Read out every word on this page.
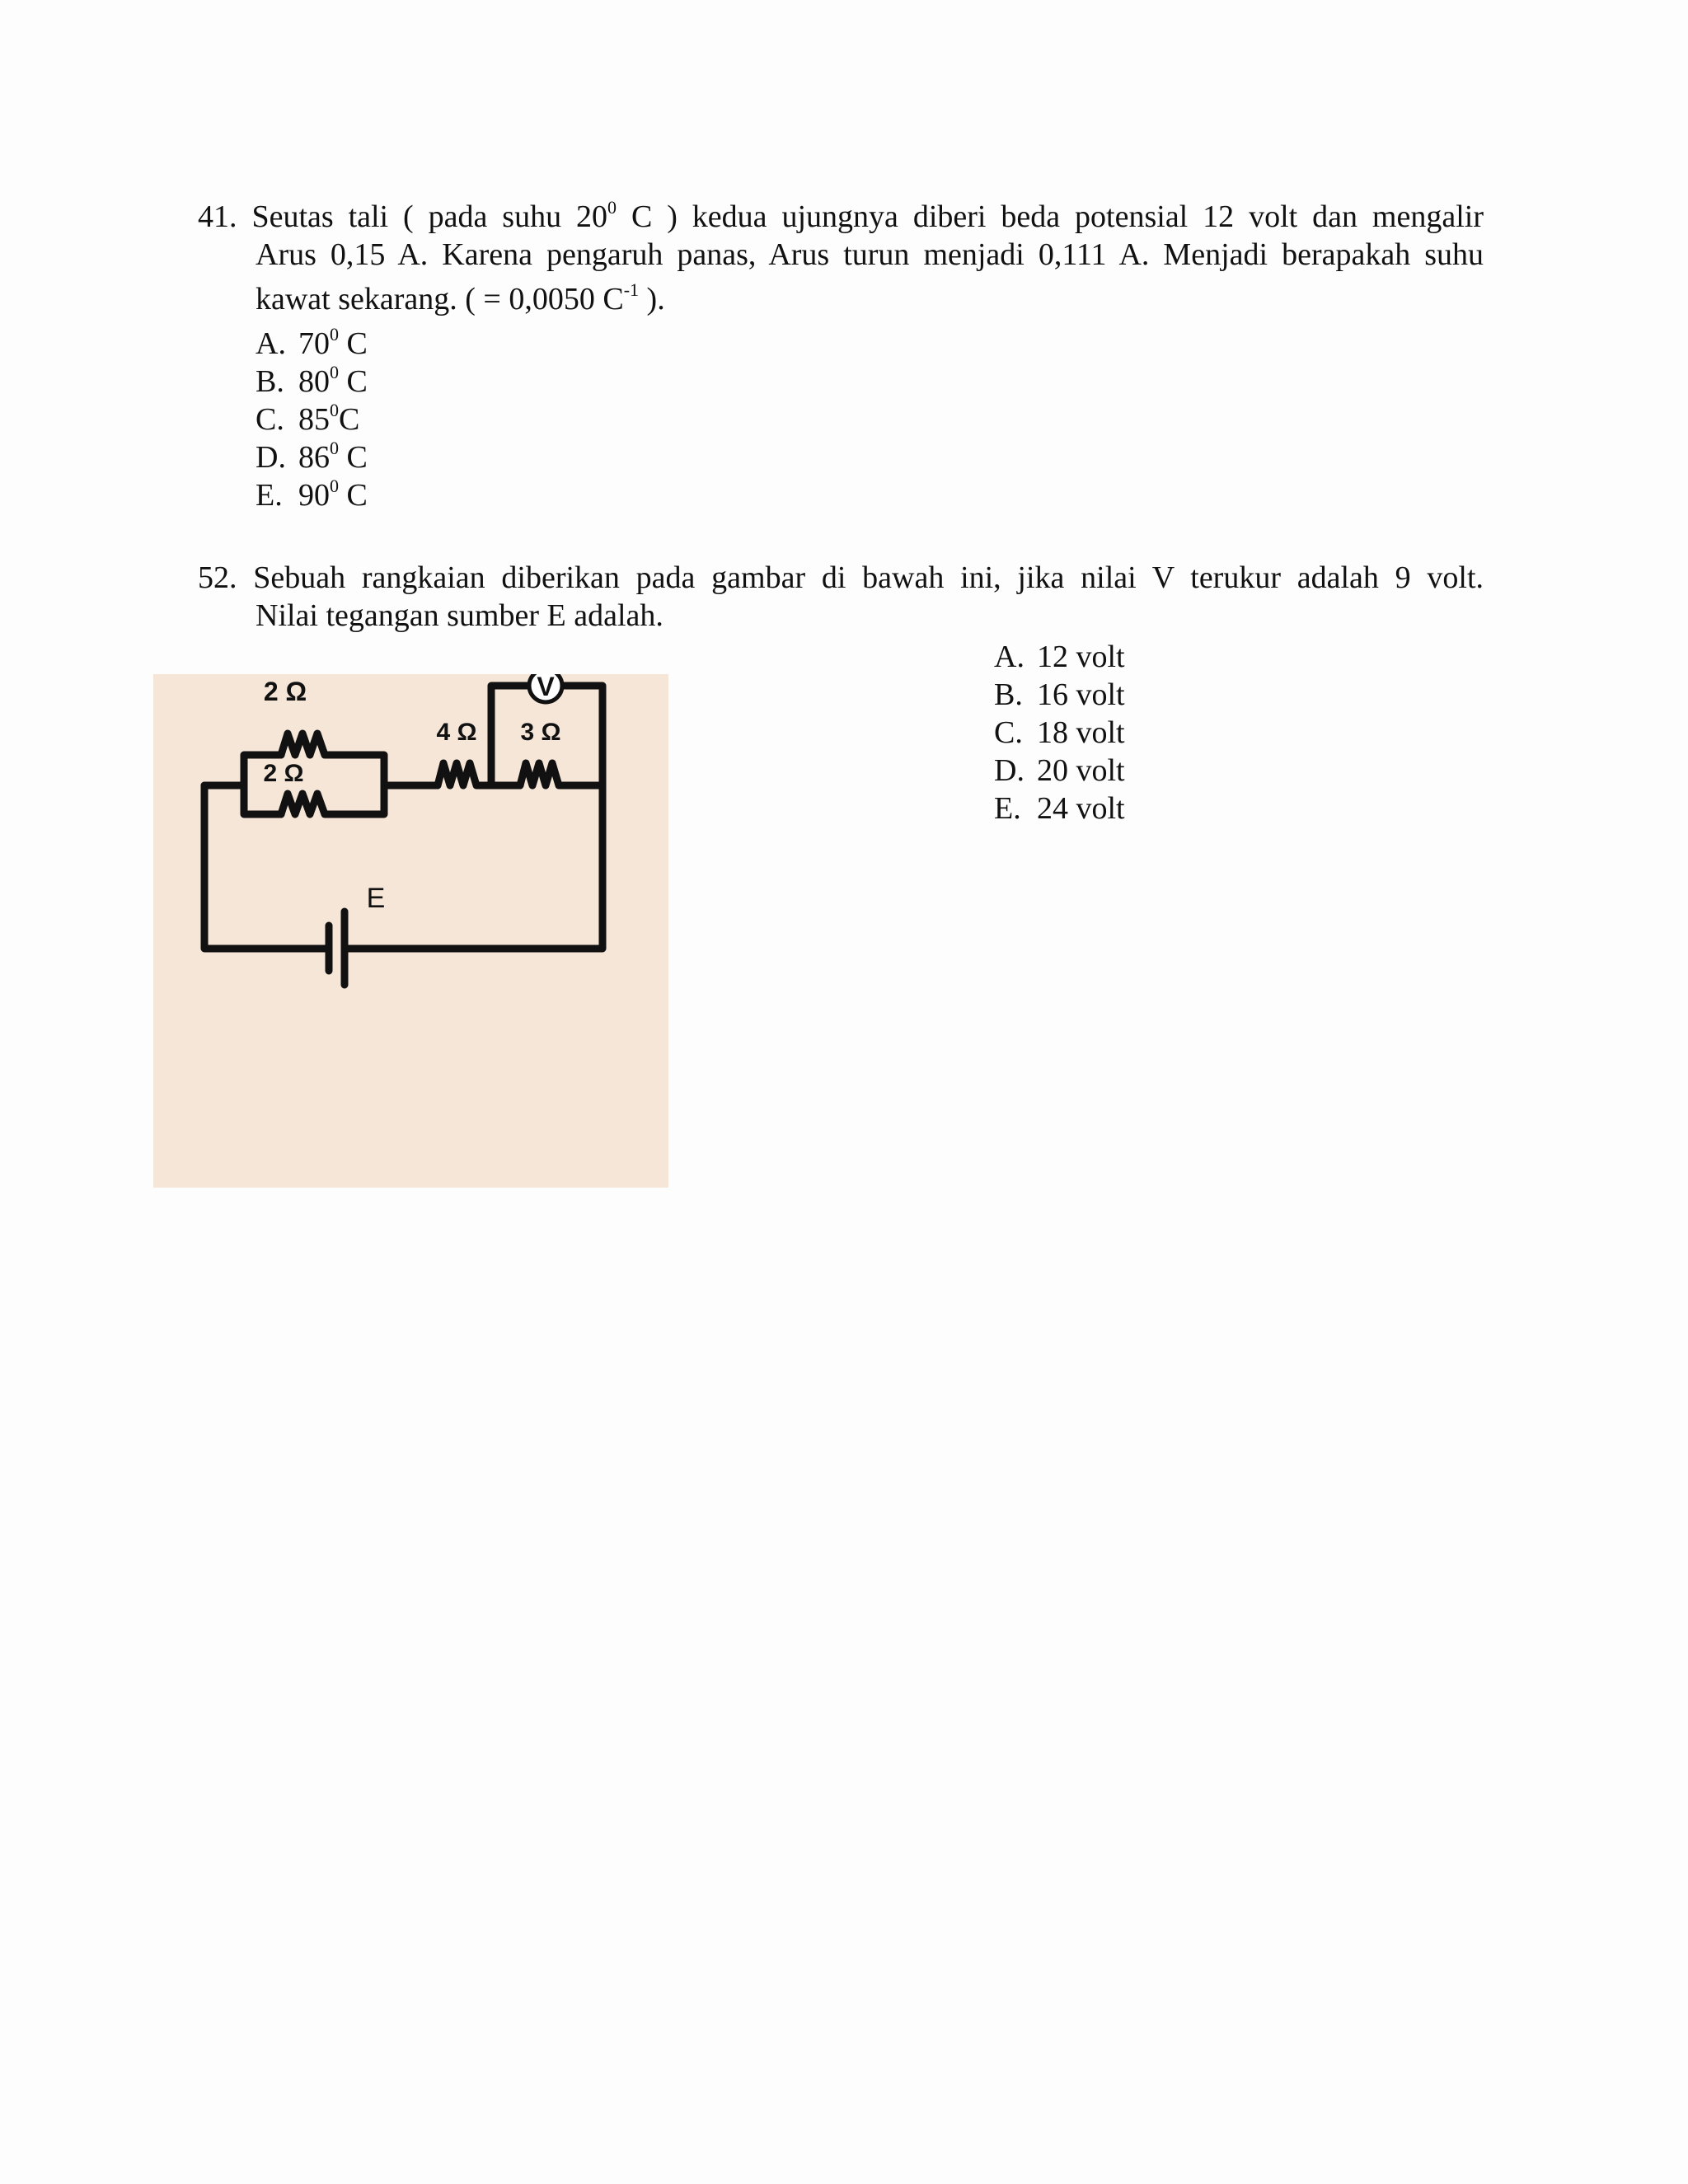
41. Seutas tali ( pada suhu $20^0$ C ) kedua ujungnya diberi beda potensial 12 volt dan mengalir
Arus 0,15 A. Karena pengaruh panas, Arus turun menjadi 0,111 A. Menjadi berapakah suhu
kawat sekarang. ( = 0,0050 $C^{-1}$ ).
A. $70^0$ C
B. $80^0$ C
C. $85^0C$
D. $86^0$ C
E. $90^0$ C
52. Sebuah rangkaian diberikan pada gambar di bawah ini, jika nilai V terukur adalah 9 volt.
Nilai tegangan sumber E adalah.
A. 12 volt
B. 16 volt
C. 18 volt
D. 20 volt
E. 24 volt
V
2 Ω
2 Ω
4 Ω 3 Ω
E
